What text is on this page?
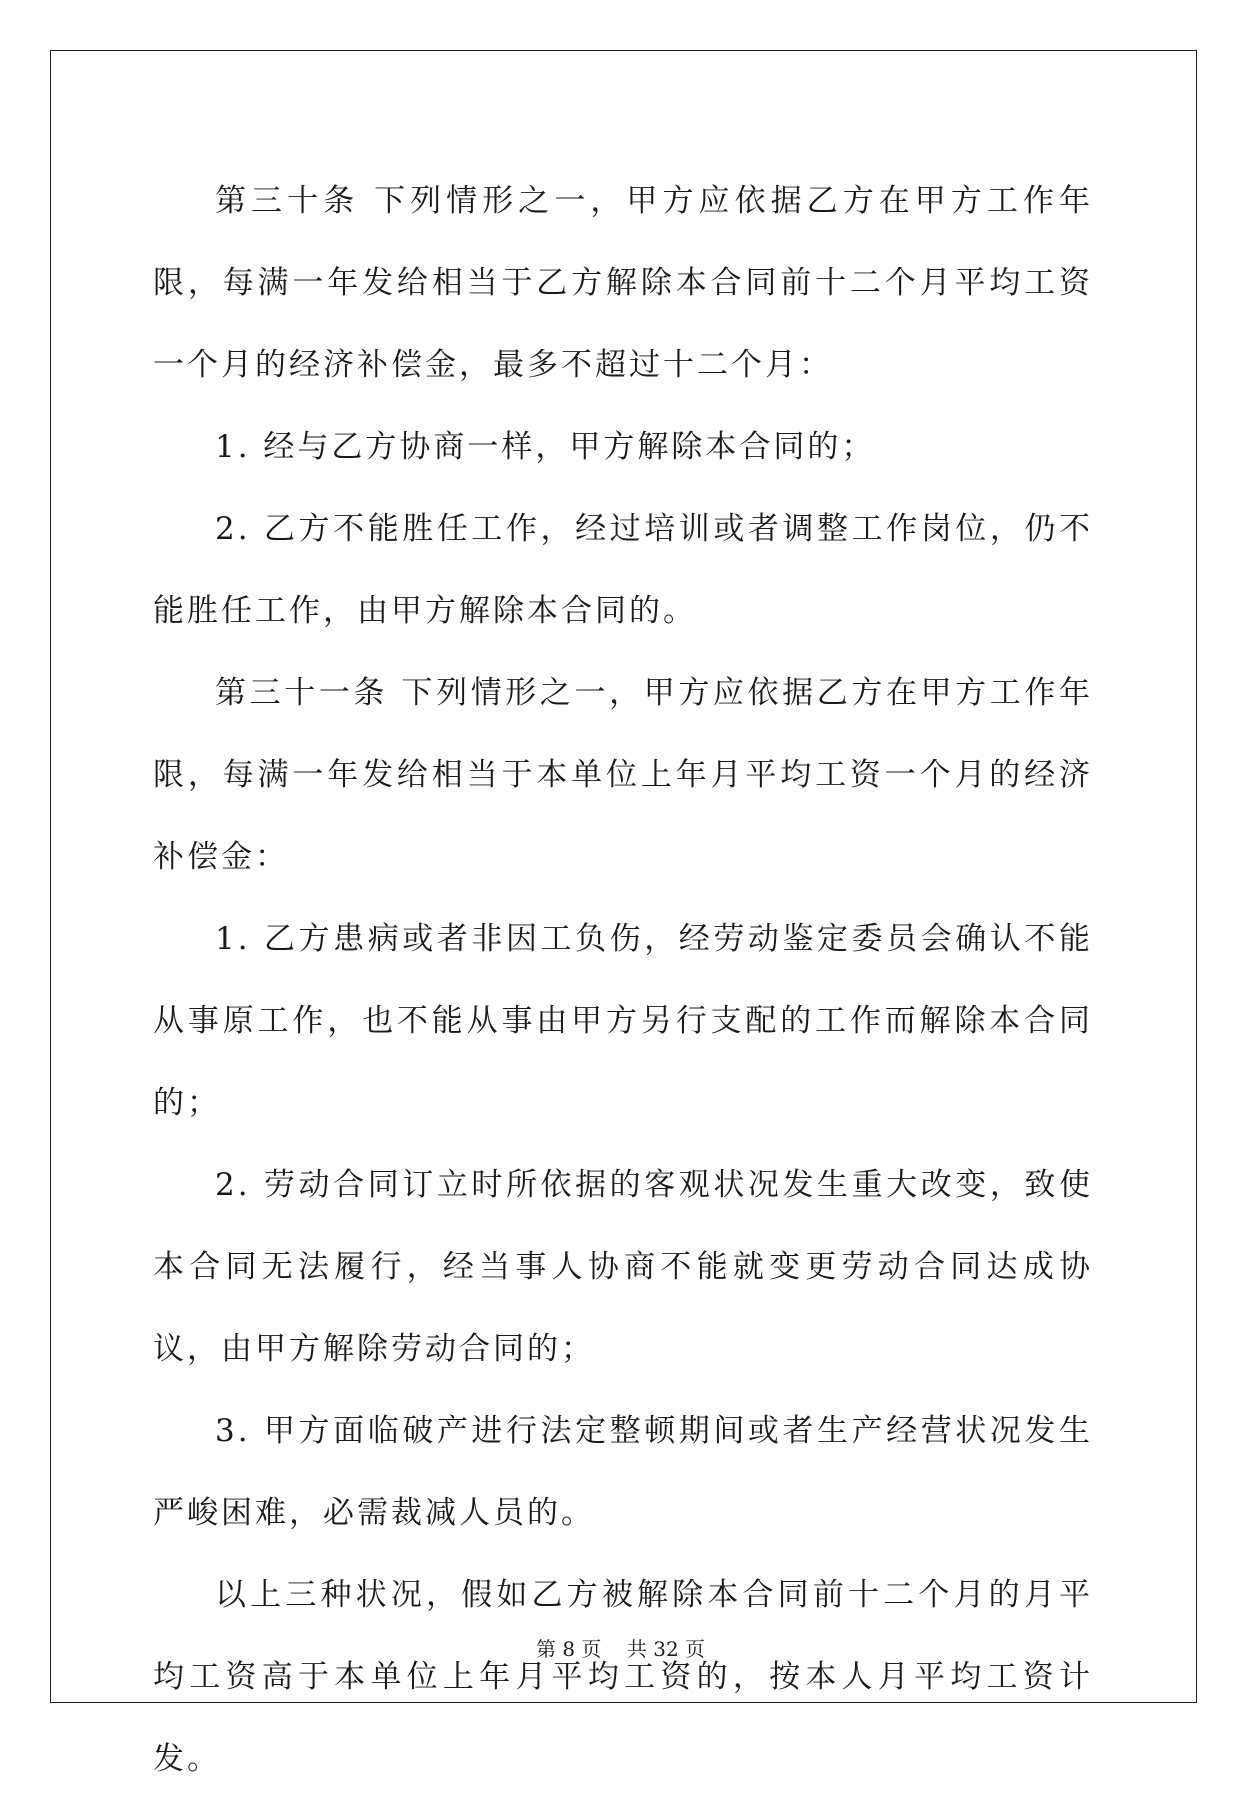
第三十条 下列情形之一，甲方应依据乙方在甲方工作年限，每满一年发给相当于乙方解除本合同前十二个月平均工资一个月的经济补偿金，最多不超过十二个月：

1. 经与乙方协商一样，甲方解除本合同的；

2. 乙方不能胜任工作，经过培训或者调整工作岗位，仍不能胜任工作，由甲方解除本合同的。

第三十一条 下列情形之一，甲方应依据乙方在甲方工作年限，每满一年发给相当于本单位上年月平均工资一个月的经济补偿金：

1. 乙方患病或者非因工负伤，经劳动鉴定委员会确认不能从事原工作，也不能从事由甲方另行支配的工作而解除本合同的；

2. 劳动合同订立时所依据的客观状况发生重大改变，致使本合同无法履行，经当事人协商不能就变更劳动合同达成协议，由甲方解除劳动合同的；

3. 甲方面临破产进行法定整顿期间或者生产经营状况发生严峻困难，必需裁减人员的。

以上三种状况，假如乙方被解除本合同前十二个月的月平均工资高于本单位上年月平均工资的，按本人月平均工资计发。

第 8 页 共 32 页
